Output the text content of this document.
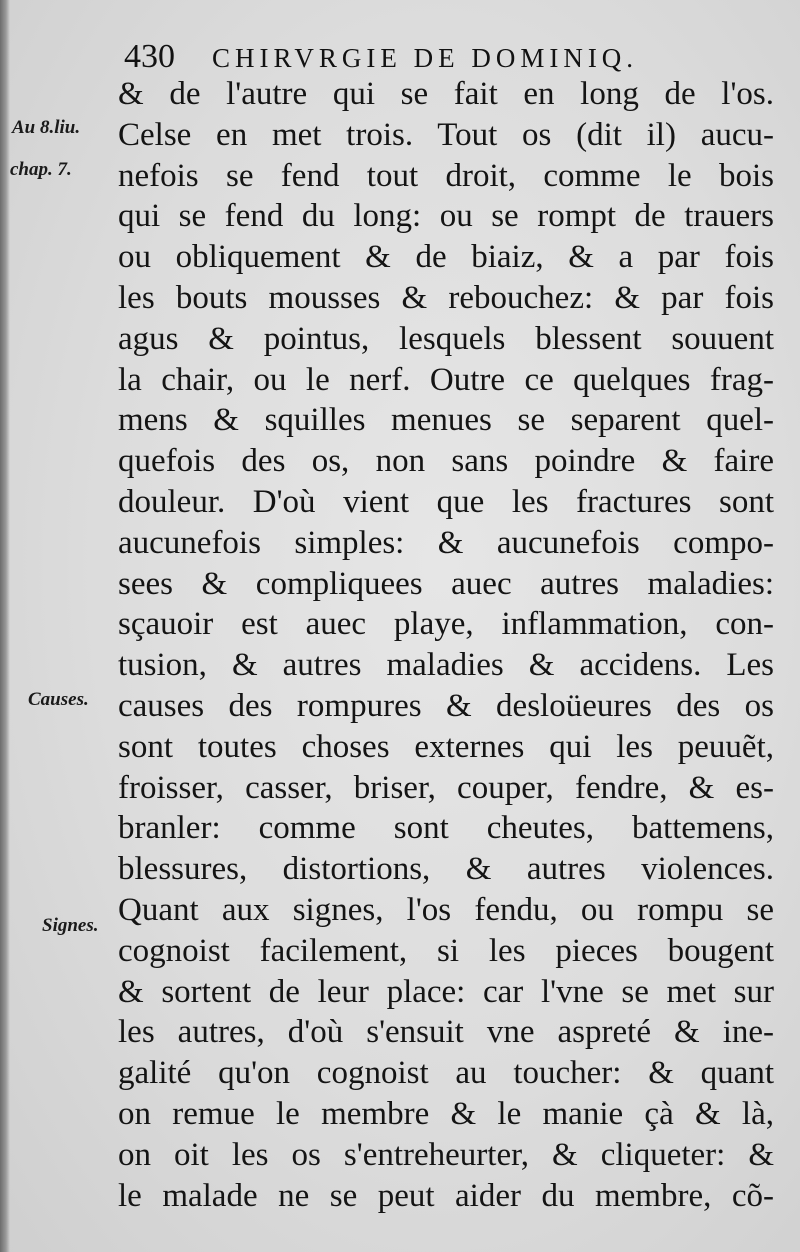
430 CHIRVRGIE DE DOMINIQ.
Au 8.liu.
chap. 7.
Causes.
Signes.
& de l'autre qui se fait en long de l'os.
Celse en met trois. Tout os (dit il) aucu-
nefois se fend tout droit, comme le bois
qui se fend du long: ou se rompt de trauers
ou obliquement & de biaiz, & a par fois
les bouts mousses & rebouchez: & par fois
agus & pointus, lesquels blessent souuent
la chair, ou le nerf. Outre ce quelques frag-
mens & squilles menues se separent quel-
quefois des os, non sans poindre & faire
douleur. D'où vient que les fractures sont
aucunefois simples: & aucunefois compo-
sees & compliquees auec autres maladies:
sçauoir est auec playe, inflammation, con-
tusion, & autres maladies & accidens. Les
causes des rompures & desloüeures des os
sont toutes choses externes qui les peuuẽt,
froisser, casser, briser, couper, fendre, & es-
branler: comme sont cheutes, battemens,
blessures, distortions, & autres violences.
Quant aux signes, l'os fendu, ou rompu se
cognoist facilement, si les pieces bougent
& sortent de leur place: car l'vne se met sur
les autres, d'où s'ensuit vne aspreté & ine-
galité qu'on cognoist au toucher: & quant
on remue le membre & le manie çà & là,
on oit les os s'entreheurter, & cliqueter: &
le malade ne se peut aider du membre, cõ-
